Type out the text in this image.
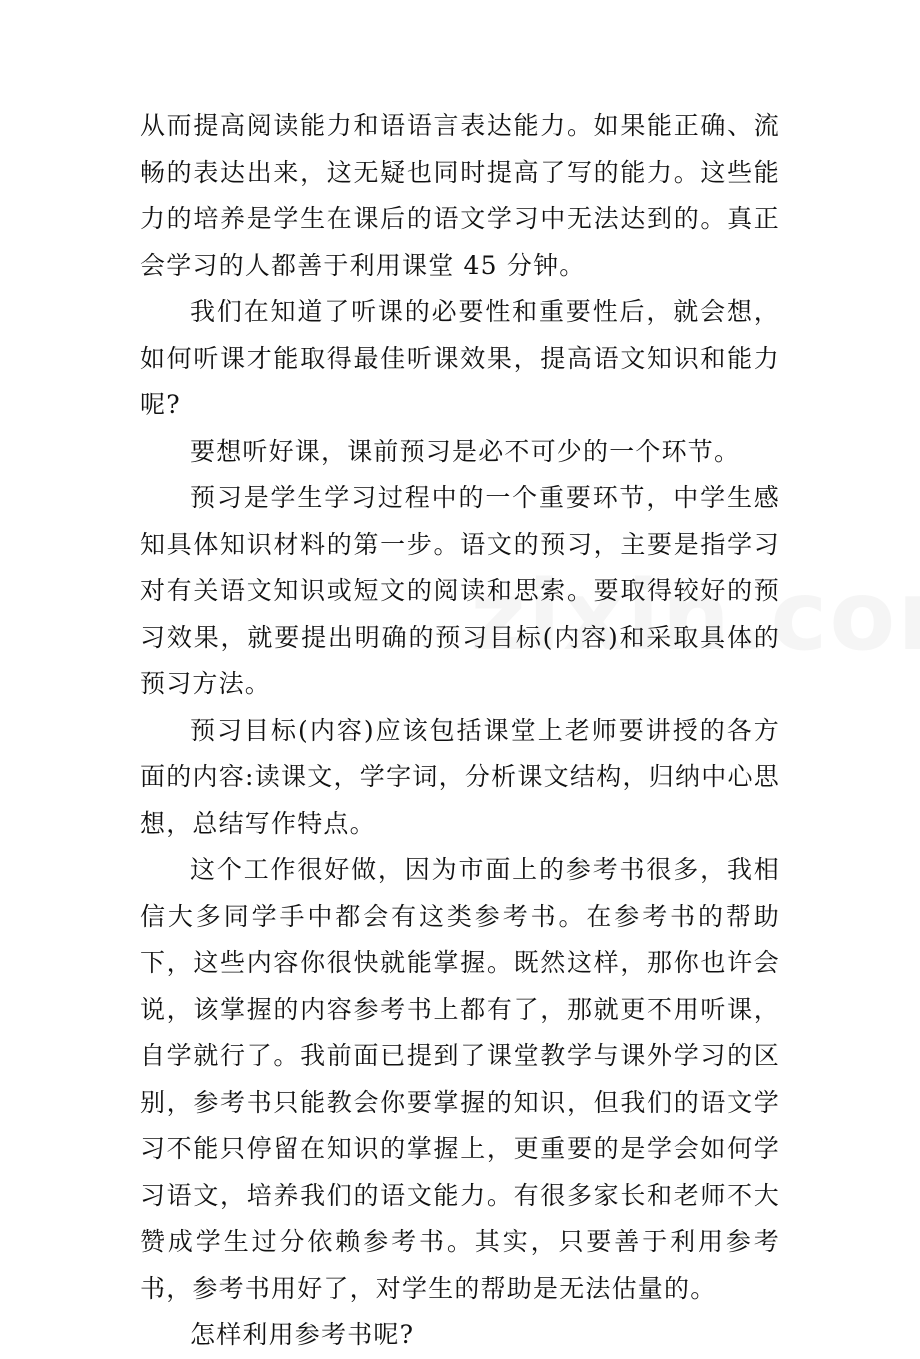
从而提高阅读能力和语语言表达能力。如果能正确、流畅的表达出来，这无疑也同时提高了写的能力。这些能力的培养是学生在课后的语文学习中无法达到的。真正会学习的人都善于利用课堂 45 分钟。

我们在知道了听课的必要性和重要性后，就会想，如何听课才能取得最佳听课效果，提高语文知识和能力呢?

要想听好课，课前预习是必不可少的一个环节。

预习是学生学习过程中的一个重要环节，中学生感知具体知识材料的第一步。语文的预习，主要是指学习对有关语文知识或短文的阅读和思索。要取得较好的预习效果，就要提出明确的预习目标(内容)和采取具体的预习方法。

预习目标(内容)应该包括课堂上老师要讲授的各方面的内容:读课文，学字词，分析课文结构，归纳中心思想，总结写作特点。

这个工作很好做，因为市面上的参考书很多，我相信大多同学手中都会有这类参考书。在参考书的帮助下，这些内容你很快就能掌握。既然这样，那你也许会说，该掌握的内容参考书上都有了，那就更不用听课，自学就行了。我前面已提到了课堂教学与课外学习的区别，参考书只能教会你要掌握的知识，但我们的语文学习不能只停留在知识的掌握上，更重要的是学会如何学习语文，培养我们的语文能力。有很多家长和老师不大赞成学生过分依赖参考书。其实，只要善于利用参考书，参考书用好了，对学生的帮助是无法估量的。

怎样利用参考书呢?
